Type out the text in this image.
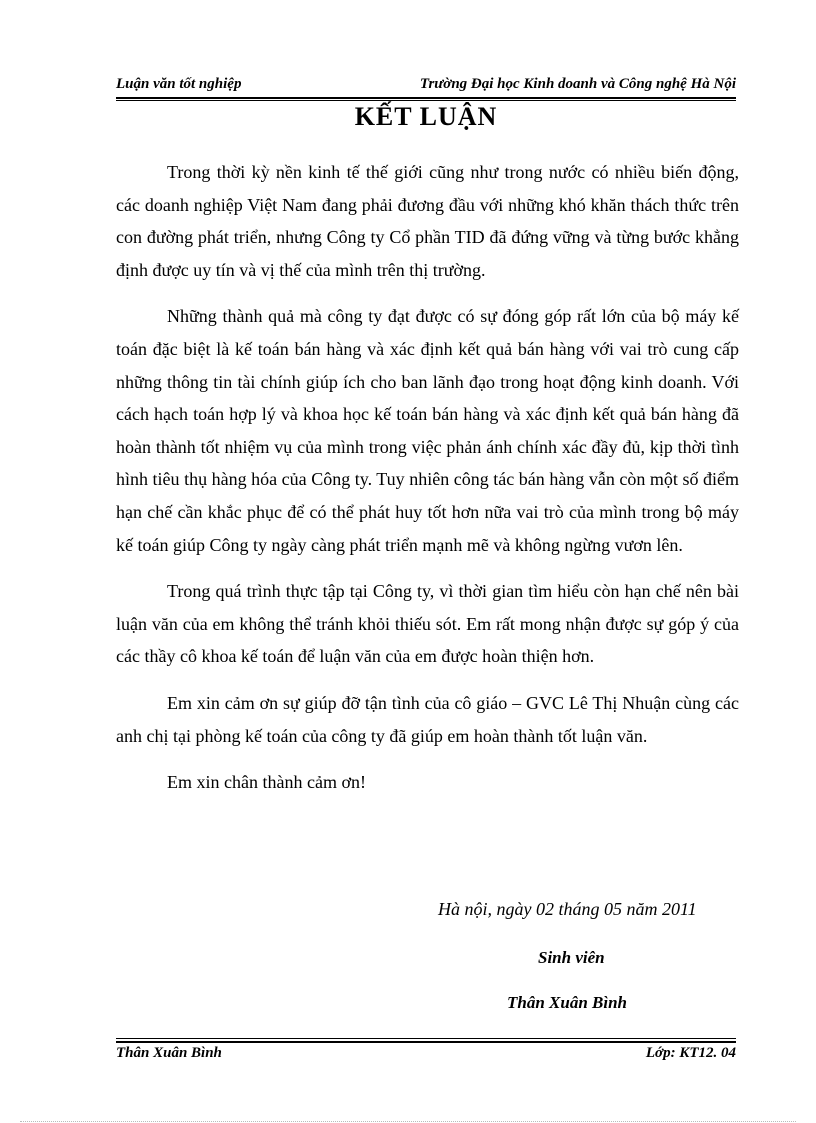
Luận văn tốt nghiệp	Trường Đại học Kinh doanh và Công nghệ Hà Nội
KẾT LUẬN

Trong thời kỳ nền kinh tế thế giới cũng như trong nước có nhiều biến động, các doanh nghiệp Việt Nam đang phải đương đầu với những khó khăn thách thức trên con đường phát triển, nhưng Công ty Cổ phần TID đã đứng vững và từng bước khẳng định được uy tín và vị thế của mình trên thị trường.

Những thành quả mà công ty đạt được có sự đóng góp rất lớn của bộ máy kế toán đặc biệt là kế toán bán hàng và xác định kết quả bán hàng với vai trò cung cấp những thông tin tài chính giúp ích cho ban lãnh đạo trong hoạt động kinh doanh. Với cách hạch toán hợp lý và khoa học kế toán bán hàng và xác định kết quả bán hàng đã hoàn thành tốt nhiệm vụ của mình trong việc phản ánh chính xác đầy đủ, kịp thời tình hình tiêu thụ hàng hóa của Công ty. Tuy nhiên công tác bán hàng vẫn còn một số điểm hạn chế cần khắc phục để có thể phát huy tốt hơn nữa vai trò của mình trong bộ máy kế toán giúp Công ty ngày càng phát triển mạnh mẽ và không ngừng vươn lên.

Trong quá trình thực tập tại Công ty, vì thời gian tìm hiểu còn hạn chế nên bài luận văn của em không thể tránh khỏi thiếu sót. Em rất mong nhận được sự góp ý của các thầy cô khoa kế toán để luận văn của em được hoàn thiện hơn.

Em xin cảm ơn sự giúp đỡ tận tình của cô giáo – GVC Lê Thị Nhuận cùng các anh chị tại phòng kế toán của công ty đã giúp em hoàn thành tốt luận văn.

Em xin chân thành cảm ơn!

Hà nội, ngày 02 tháng 05 năm 2011
Sinh viên
Thân Xuân Bình
Thân Xuân Bình	Lớp: KT12. 04
